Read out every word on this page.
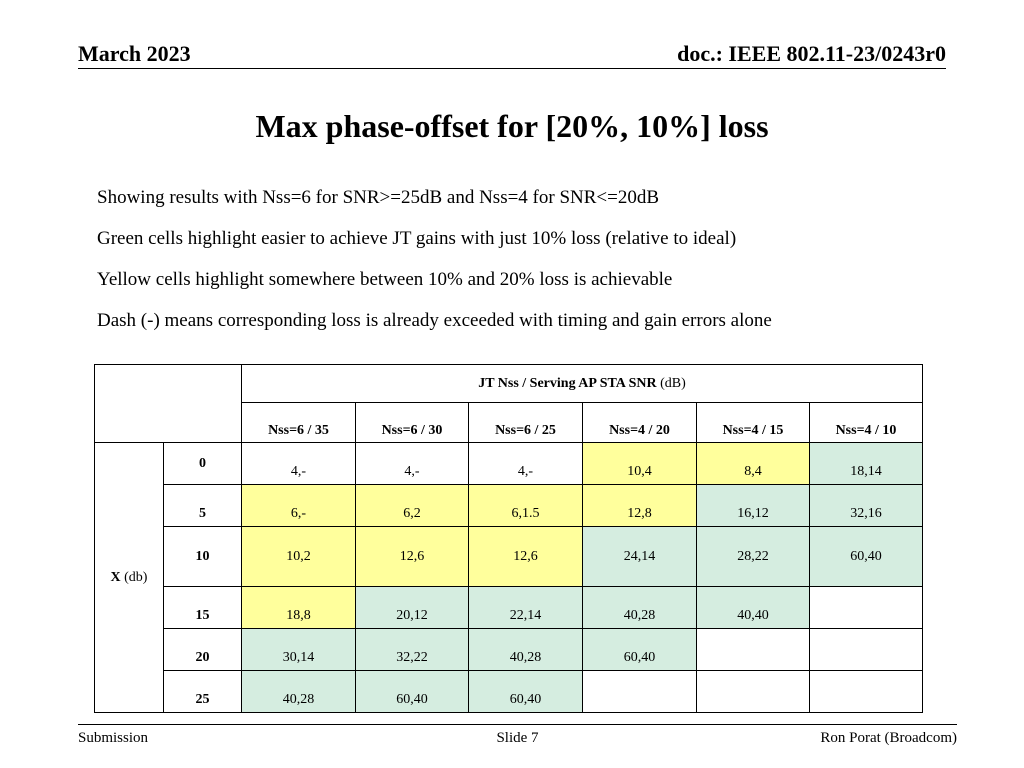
March 2023	doc.: IEEE 802.11-23/0243r0
Max phase-offset for [20%, 10%] loss
Showing results with Nss=6 for SNR>=25dB and Nss=4 for SNR<=20dB
Green cells highlight easier to achieve JT gains with just 10% loss (relative to ideal)
Yellow cells highlight somewhere between 10% and 20% loss is achievable
Dash (-) means corresponding loss is already exceeded with timing and gain errors alone
		JT Nss / Serving AP STA SNR (dB)					
		Nss=6 / 35	Nss=6 / 30	Nss=6 / 25	Nss=4 / 20	Nss=4 / 15	Nss=4 / 10
X (db)	0	4,-	4,-	4,-	10,4	8,4	18,14
	5	6,-	6,2	6,1.5	12,8	16,12	32,16
	10	10,2	12,6	12,6	24,14	28,22	60,40
	15	18,8	20,12	22,14	40,28	40,40	
	20	30,14	32,22	40,28	60,40		
	25	40,28	60,40	60,40			
Submission	Slide 7	Ron Porat (Broadcom)
